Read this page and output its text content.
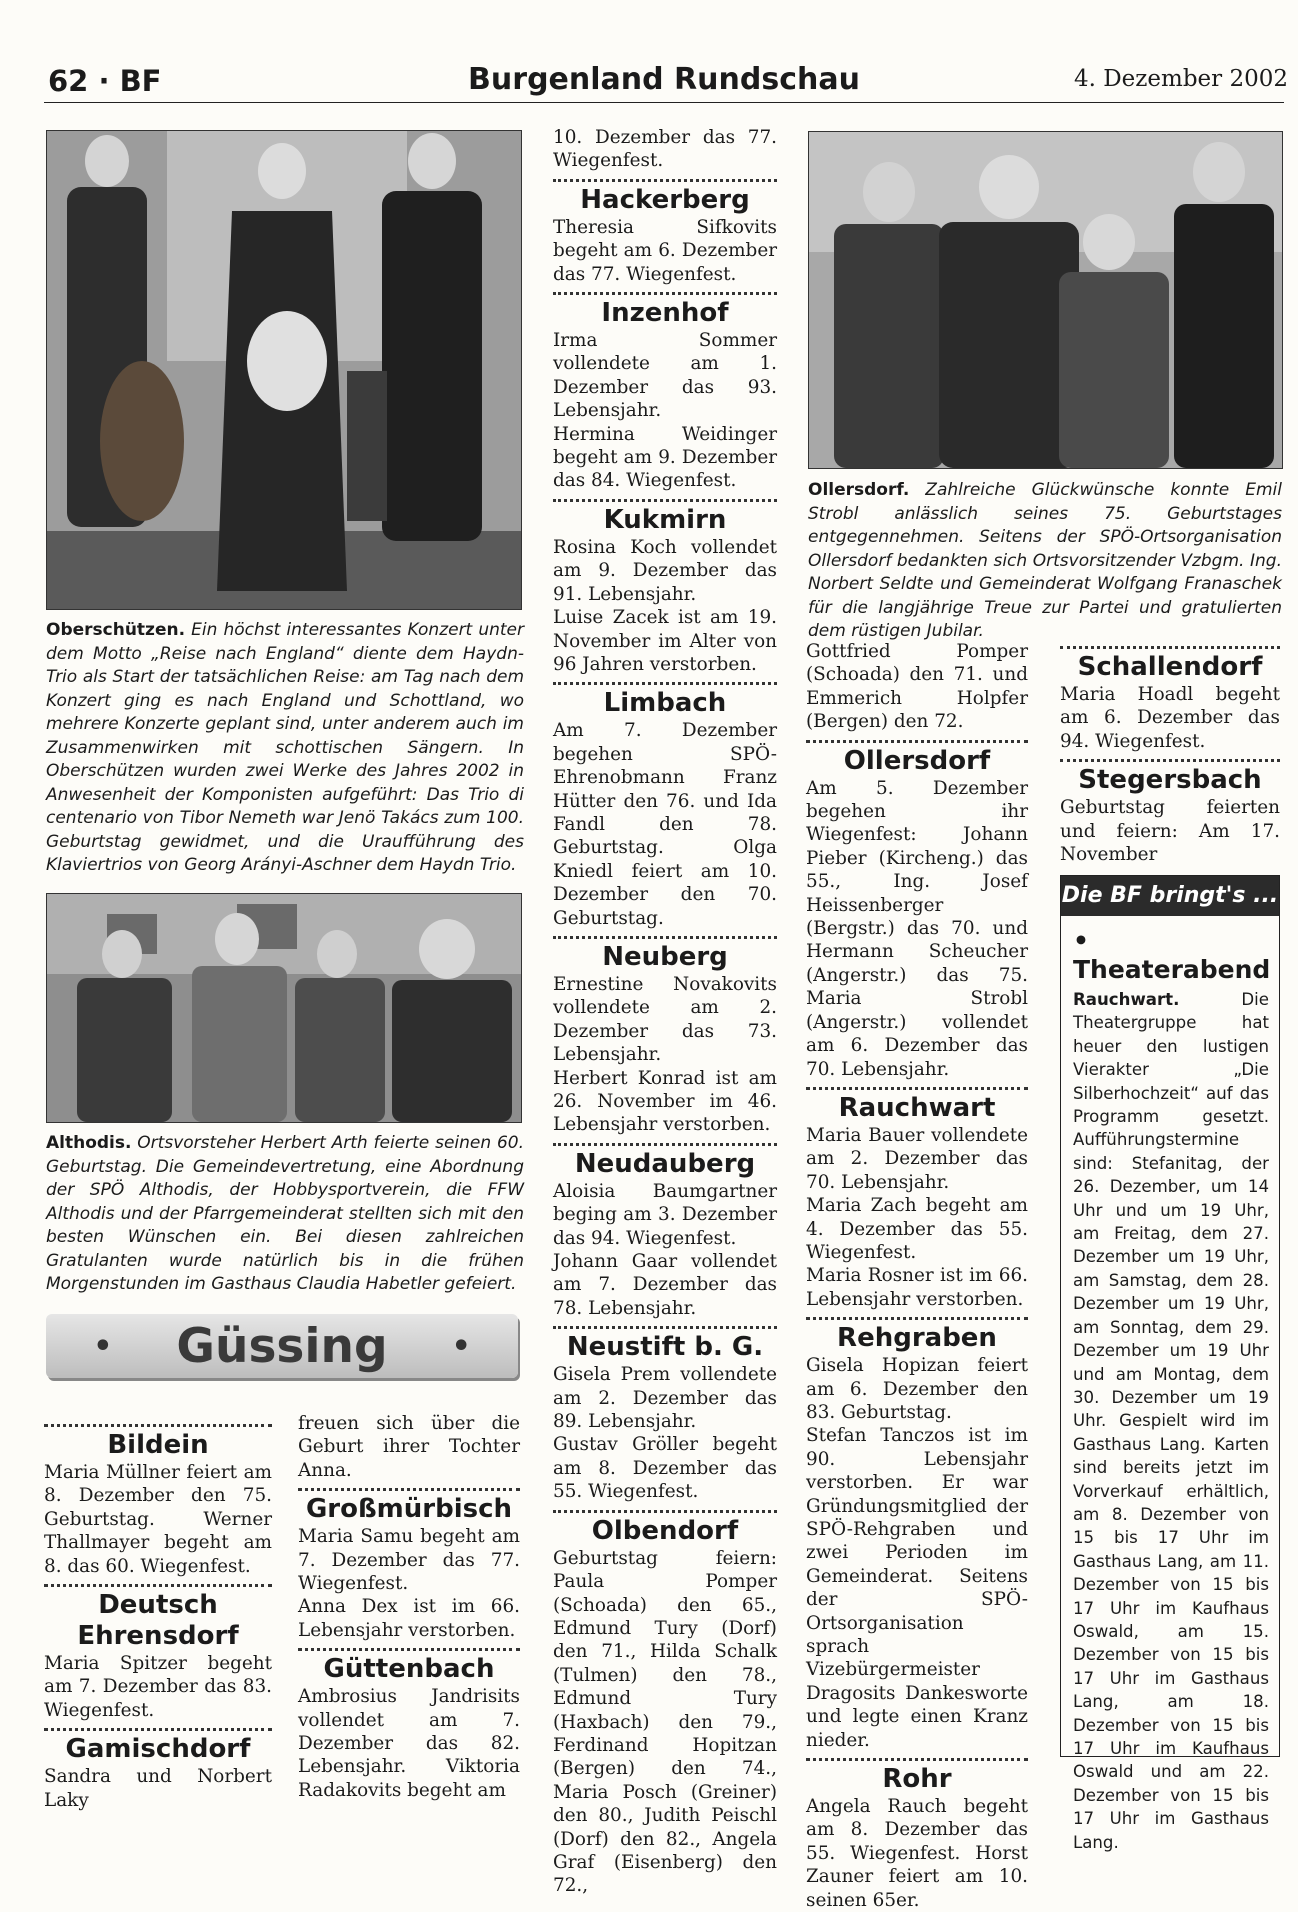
62 · BF	Burgenland Rundschau	4. Dezember 2002
Oberschützen. Ein höchst interessantes Konzert unter dem Motto „Reise nach England“ diente dem Haydn-Trio als Start der tatsächlichen Reise: am Tag nach dem Konzert ging es nach England und Schottland, wo mehrere Konzerte geplant sind, unter anderem auch im Zusammenwirken mit schottischen Sängern. In Oberschützen wurden zwei Werke des Jahres 2002 in Anwesenheit der Komponisten aufgeführt: Das Trio di centenario von Tibor Nemeth war Jenö Takács zum 100. Geburtstag gewidmet, und die Uraufführung des Klaviertrios von Georg Arányi-Aschner dem Haydn Trio.
Althodis. Ortsvorsteher Herbert Arth feierte seinen 60. Geburtstag. Die Gemeindevertretung, eine Abordnung der SPÖ Althodis, der Hobbysportverein, die FFW Althodis und der Pfarrgemeinderat stellten sich mit den besten Wünschen ein. Bei diesen zahlreichen Gratulanten wurde natürlich bis in die frühen Morgenstunden im Gasthaus Claudia Habetler gefeiert.
• Güssing •
Bildein

Maria Müllner feiert am 8. Dezember den 75. Geburtstag. Werner Thallmayer begeht am 8. das 60. Wiegenfest.

Deutsch Ehrensdorf

Maria Spitzer begeht am 7. Dezember das 83. Wiegenfest.

Gamischdorf

Sandra und Norbert Laky

freuen sich über die Geburt ihrer Tochter Anna.

Großmürbisch

Maria Samu begeht am 7. Dezember das 77. Wiegenfest.

Anna Dex ist im 66. Lebensjahr verstorben.

Güttenbach

Ambrosius Jandrisits vollendet am 7. Dezember das 82. Lebensjahr. Viktoria Radakovits begeht am

10. Dezember das 77. Wiegenfest.

Hackerberg

Theresia Sifkovits begeht am 6. Dezember das 77. Wiegenfest.

Inzenhof

Irma Sommer vollendete am 1. Dezember das 93. Lebensjahr.

Hermina Weidinger begeht am 9. Dezember das 84. Wiegenfest.

Kukmirn

Rosina Koch vollendet am 9. Dezember das 91. Lebensjahr.

Luise Zacek ist am 19. November im Alter von 96 Jahren verstorben.

Limbach

Am 7. Dezember begehen SPÖ-Ehrenobmann Franz Hütter den 76. und Ida Fandl den 78. Geburtstag. Olga Kniedl feiert am 10. Dezember den 70. Geburtstag.

Neuberg

Ernestine Novakovits vollendete am 2. Dezember das 73. Lebensjahr.

Herbert Konrad ist am 26. November im 46. Lebensjahr verstorben.

Neudauberg

Aloisia Baumgartner beging am 3. Dezember das 94. Wiegenfest.

Johann Gaar vollendet am 7. Dezember das 78. Lebensjahr.

Neustift b. G.

Gisela Prem vollendete am 2. Dezember das 89. Lebensjahr.

Gustav Gröller begeht am 8. Dezember das 55. Wiegenfest.

Olbendorf

Geburtstag feiern: Paula Pomper (Schoada) den 65., Edmund Tury (Dorf) den 71., Hilda Schalk (Tulmen) den 78., Edmund Tury (Haxbach) den 79., Ferdinand Hopitzan (Bergen) den 74., Maria Posch (Greiner) den 80., Judith Peischl (Dorf) den 82., Angela Graf (Eisenberg) den 72.,

Ollersdorf. Zahlreiche Glückwünsche konnte Emil Strobl anlässlich seines 75. Geburtstages entgegennehmen. Seitens der SPÖ-Ortsorganisation Ollersdorf bedankten sich Ortsvorsitzender Vzbgm. Ing. Norbert Seldte und Gemeinderat Wolfgang Franaschek für die langjährige Treue zur Partei und gratulierten dem rüstigen Jubilar.

Gottfried Pomper (Schoada) den 71. und Emmerich Holpfer (Bergen) den 72.

Ollersdorf

Am 5. Dezember begehen ihr Wiegenfest: Johann Pieber (Kircheng.) das 55., Ing. Josef Heissenberger (Bergstr.) das 70. und Hermann Scheucher (Angerstr.) das 75. Maria Strobl (Angerstr.) vollendet am 6. Dezember das 70. Lebensjahr.

Rauchwart

Maria Bauer vollendete am 2. Dezember das 70. Lebensjahr.

Maria Zach begeht am 4. Dezember das 55. Wiegenfest.

Maria Rosner ist im 66. Lebensjahr verstorben.

Rehgraben

Gisela Hopizan feiert am 6. Dezember den 83. Geburtstag.

Stefan Tanczos ist im 90. Lebensjahr verstorben. Er war Gründungsmitglied der SPÖ-Rehgraben und zwei Perioden im Gemeinderat. Seitens der SPÖ-Ortsorganisation sprach Vizebürgermeister Dragosits Dankesworte und legte einen Kranz nieder.

Rohr

Angela Rauch begeht am 8. Dezember das 55. Wiegenfest. Horst Zauner feiert am 10. seinen 65er.

Schallendorf

Maria Hoadl begeht am 6. Dezember das 94. Wiegenfest.

Stegersbach

Geburtstag feierten und feiern: Am 17. November

Die BF bringt's ...
• Theaterabend

Rauchwart.	Die Theatergruppe hat heuer den lustigen Vierakter „Die Silberhochzeit“ auf das Programm gesetzt. Aufführungstermine sind: Stefanitag, der 26. Dezember, um 14 Uhr und um 19 Uhr, am Freitag, dem 27. Dezember um 19 Uhr, am Samstag, dem 28. Dezember um 19 Uhr, am Sonntag, dem 29. Dezember um 19 Uhr und am Montag, dem 30. Dezember um 19 Uhr. Gespielt wird im Gasthaus Lang. Karten sind bereits jetzt im Vorverkauf erhältlich, am 8. Dezember von 15 bis 17 Uhr im Gasthaus Lang, am 11. Dezember von 15 bis 17 Uhr im Kaufhaus Oswald, am 15. Dezember von 15 bis 17 Uhr im Gasthaus Lang, am 18. Dezember von 15 bis 17 Uhr im Kaufhaus Oswald und am 22. Dezember von 15 bis 17 Uhr im Gasthaus Lang.
